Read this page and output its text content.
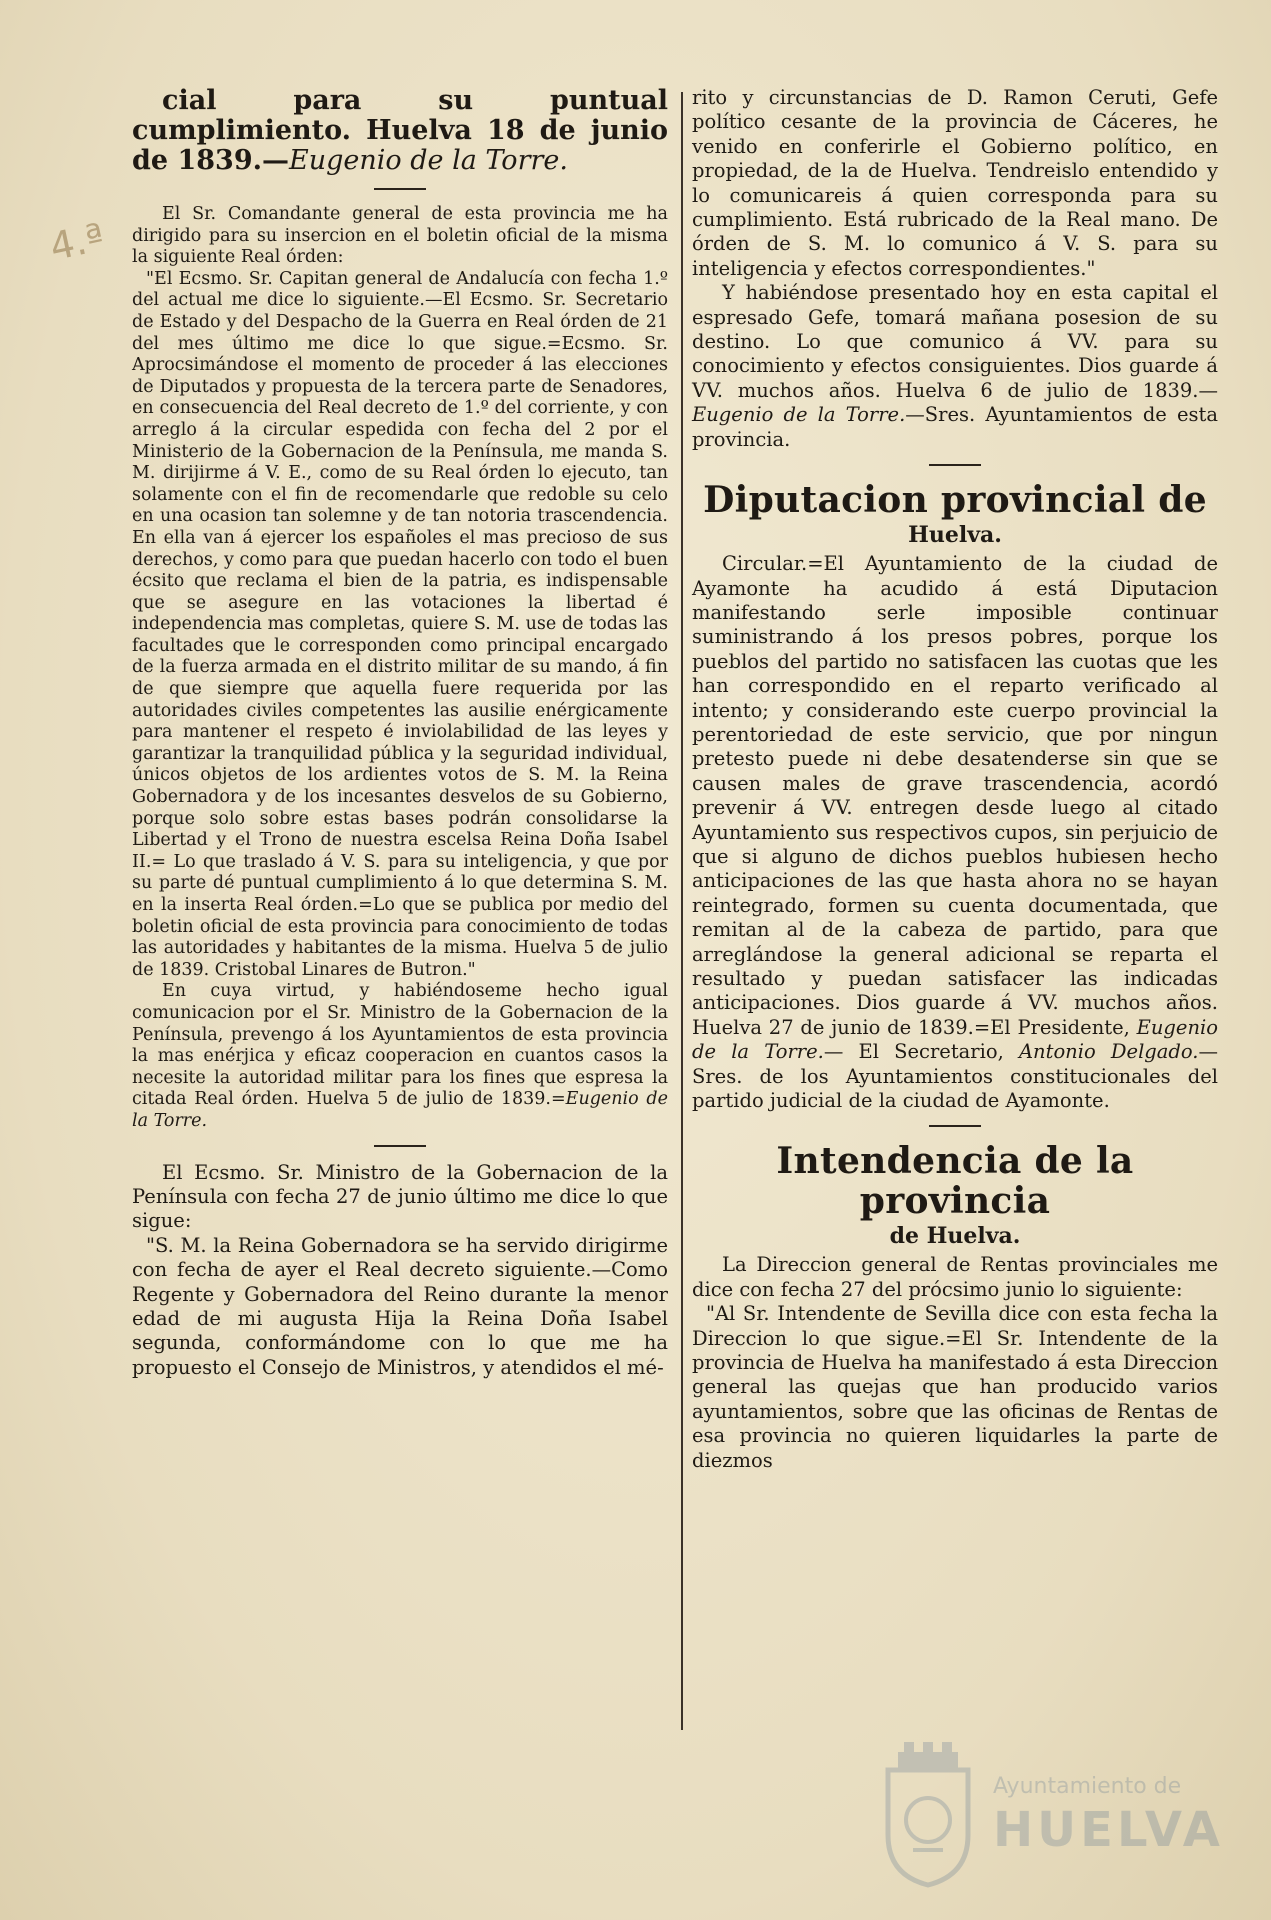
4.ª

cial para su puntual cumplimiento. Huelva 18 de junio de 1839.—Eugenio de la Torre.

El Sr. Comandante general de esta provincia me ha dirigido para su insercion en el boletin oficial de la misma la siguiente Real órden:

"El Ecsmo. Sr. Capitan general de Andalucía con fecha 1.º del actual me dice lo siguiente.—El Ecsmo. Sr. Secretario de Estado y del Despacho de la Guerra en Real órden de 21 del mes último me dice lo que sigue.=Ecsmo. Sr. Aprocsimándose el momento de proceder á las elecciones de Diputados y propuesta de la tercera parte de Senadores, en consecuencia del Real decreto de 1.º del corriente, y con arreglo á la circular espedida con fecha del 2 por el Ministerio de la Gobernacion de la Península, me manda S. M. dirijirme á V. E., como de su Real órden lo ejecuto, tan solamente con el fin de recomendarle que redoble su celo en una ocasion tan solemne y de tan notoria trascendencia. En ella van á ejercer los españoles el mas precioso de sus derechos, y como para que puedan hacerlo con todo el buen écsito que reclama el bien de la patria, es indispensable que se asegure en las votaciones la libertad é independencia mas completas, quiere S. M. use de todas las facultades que le corresponden como principal encargado de la fuerza armada en el distrito militar de su mando, á fin de que siempre que aquella fuere requerida por las autoridades civiles competentes las ausilie enérgicamente para mantener el respeto é inviolabilidad de las leyes y garantizar la tranquilidad pública y la seguridad individual, únicos objetos de los ardientes votos de S. M. la Reina Gobernadora y de los incesantes desvelos de su Gobierno, porque solo sobre estas bases podrán consolidarse la Libertad y el Trono de nuestra escelsa Reina Doña Isabel II.= Lo que traslado á V. S. para su inteligencia, y que por su parte dé puntual cumplimiento á lo que determina S. M. en la inserta Real órden.=Lo que se publica por medio del boletin oficial de esta provincia para conocimiento de todas las autoridades y habitantes de la misma. Huelva 5 de julio de 1839. Cristobal Linares de Butron."

En cuya virtud, y habiéndoseme hecho igual comunicacion por el Sr. Ministro de la Gobernacion de la Península, prevengo á los Ayuntamientos de esta provincia la mas enérjica y eficaz cooperacion en cuantos casos la necesite la autoridad militar para los fines que espresa la citada Real órden. Huelva 5 de julio de 1839.=Eugenio de la Torre.

El Ecsmo. Sr. Ministro de la Gobernacion de la Península con fecha 27 de junio último me dice lo que sigue:

"S. M. la Reina Gobernadora se ha servido dirigirme con fecha de ayer el Real decreto siguiente.—Como Regente y Gobernadora del Reino durante la menor edad de mi augusta Hija la Reina Doña Isabel segunda, conformándome con lo que me ha propuesto el Consejo de Ministros, y atendidos el mé-

rito y circunstancias de D. Ramon Ceruti, Gefe político cesante de la provincia de Cáceres, he venido en conferirle el Gobierno político, en propiedad, de la de Huelva. Tendreislo entendido y lo comunicareis á quien corresponda para su cumplimiento. Está rubricado de la Real mano. De órden de S. M. lo comunico á V. S. para su inteligencia y efectos correspondientes."

Y habiéndose presentado hoy en esta capital el espresado Gefe, tomará mañana posesion de su destino. Lo que comunico á VV. para su conocimiento y efectos consiguientes. Dios guarde á VV. muchos años. Huelva 6 de julio de 1839.—Eugenio de la Torre.—Sres. Ayuntamientos de esta provincia.

Diputacion provincial de
Huelva.

Circular.=El Ayuntamiento de la ciudad de Ayamonte ha acudido á está Diputacion manifestando serle imposible continuar suministrando á los presos pobres, porque los pueblos del partido no satisfacen las cuotas que les han correspondido en el reparto verificado al intento; y considerando este cuerpo provincial la perentoriedad de este servicio, que por ningun pretesto puede ni debe desatenderse sin que se causen males de grave trascendencia, acordó prevenir á VV. entregen desde luego al citado Ayuntamiento sus respectivos cupos, sin perjuicio de que si alguno de dichos pueblos hubiesen hecho anticipaciones de las que hasta ahora no se hayan reintegrado, formen su cuenta documentada, que remitan al de la cabeza de partido, para que arreglándose la general adicional se reparta el resultado y puedan satisfacer las indicadas anticipaciones. Dios guarde á VV. muchos años. Huelva 27 de junio de 1839.=El Presidente, Eugenio de la Torre.— El Secretario, Antonio Delgado.— Sres. de los Ayuntamientos constitucionales del partido judicial de la ciudad de Ayamonte.

Intendencia de la provincia
de Huelva.

La Direccion general de Rentas provinciales me dice con fecha 27 del prócsimo junio lo siguiente:

"Al Sr. Intendente de Sevilla dice con esta fecha la Direccion lo que sigue.=El Sr. Intendente de la provincia de Huelva ha manifestado á esta Direccion general las quejas que han producido varios ayuntamientos, sobre que las oficinas de Rentas de esa provincia no quieren liquidarles la parte de diezmos

Ayuntamiento de
HUELVA
